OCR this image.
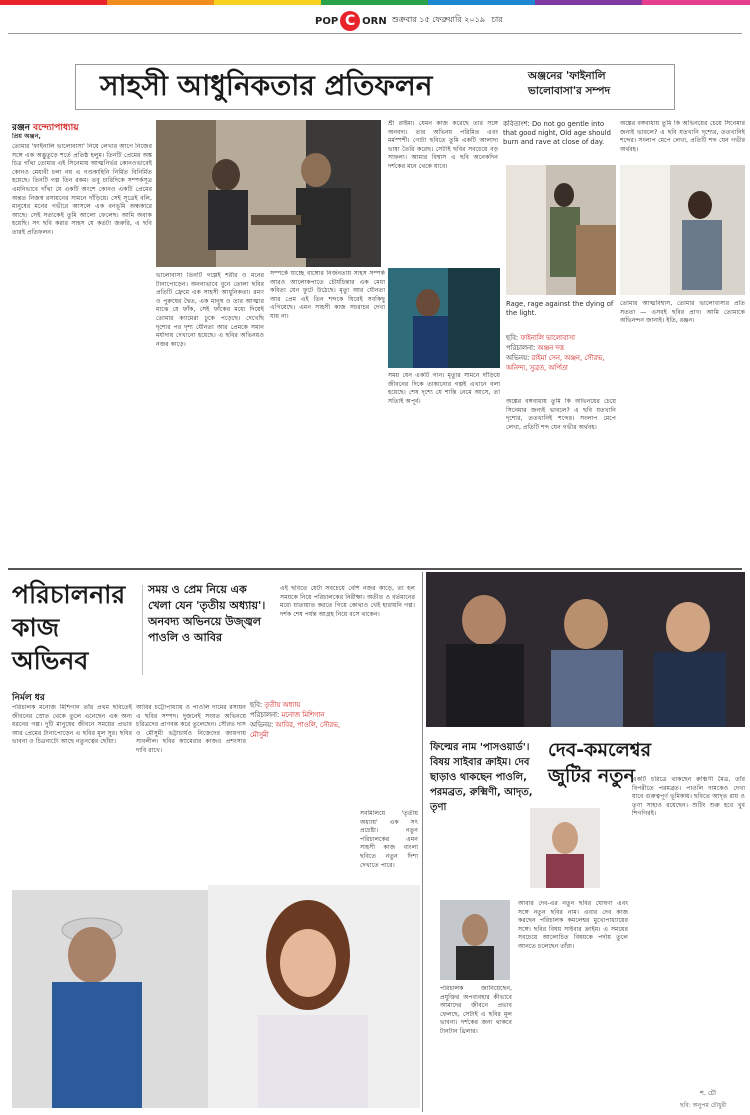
POP C ORN শুক্রবার ১৫ ফেব্রুয়ারি ২০১৯ চার
সাহসী আধুনিকতার প্রতিফলন	অঞ্জনের 'ফাইনালি
ভালোবাসা'র সম্পদ
রঞ্জন বন্দ্যোপাধ্যায়
প্রিয় অঞ্জন,
তোমার 'ফাইনালি ভালোবাসা' নিয়ে লেখার আগে নিজের সঙ্গে এক অদ্ভুতুড়ে শর্তে প্রতিষ্ঠ হলুম। তিনটি প্রেমের অঙ্ক চিত্র গাঁথা তোমার এই সিনেমায় আত্মনির্ভর কোনওভাবেই কোনও মেধাবী চলা নয় এ গণ্ডকাহিনি নির্মিত বিনির্মিত হয়েছে। তিনটি গল্প তিন রকম। তবু চারিদিকে সম্পর্কসূত্র এমনিভাবে গাঁথা যে একটি অংশে কোনও একটি প্রেমের অন্তত নিজস্ব রসায়নের সামনে দাঁড়িয়ে। সেই সূত্রেই বলি, মানুষের মনের গভীরে আসলে এক বনভূমি অন্ধকারে আছে। সেই সত্যকেই তুমি আলো ফেলেছ। আমি অবাক হয়েছি। সৎ ছবি করার সাহস যে কতটা জরুরি, এ ছবি তারই প্রতিফলন।
ভালোবাসা তিনটি গল্পেই শরীর ও মনের টানাপোড়েন। অনন্যভাবে বুনে তোলা ছবির প্রতিটি ফ্রেমে এক সাহসী আধুনিকতা। রমণ ও পুরুষের দ্বৈত, এক মানুষ ও তার আত্মার মাঝে যে ফাঁক, সেই ফাঁকের মধ্যে দিয়েই তোমার ক্যামেরা ঢুকে পড়েছে। দেখেছি দৃশ্যের পর দৃশ্য যৌনতা আর প্রেমকে সমান মর্যাদায় দেখানো হয়েছে। এ ছবির অভিনয়ও নজর কাড়ে।
সম্পর্কে যাচ্ছে বাঙ্গোর নির্জনতায় সাহস সম্পর্ক আরও আলোকপাতে চৌর্যচিন্তার এক মেধা কবিতা যেন ফুটে উঠেছে। মৃত্যু আর যৌনতা আর প্রেম এই তিন শব্দকে ঘিরেই সবকিছু এগিয়েছে। এমন সাহসী কাজ সচরাচর দেখা যায় না।
শ্রী রাইমা। যেমন কাজ করেছে তার সঙ্গে অনবদ্য। তার অভিনয় পরিমিত এবং মর্মস্পর্শী। গোটা ছবিতে তুমি একটি আলাদা ভাষা তৈরি করেছ। সেটাই ছবির সবচেয়ে বড় সাফল্য। আমার বিশ্বাস এ ছবি অনেকদিন দর্শকের মনে থেকে যাবে।
কবিতাংশ: Do not go gentle into that good night, Old age should burn and rave at close of day.
অঙ্কের বঙ্গবাধায় তুমি কি অভিনয়ের চেয়ে সিনেমার জন্যই ভাবলে? এ ছবি যতখানি দৃশ্যের, ততখানিই শব্দের। সংলাপ মেপে লেখা, প্রতিটি শব্দ যেন গভীর অর্থবহ।
Rage, rage against the dying of the light.
সময় যেন একটি গান। মৃত্যুর সামনে দাঁড়িয়ে জীবনের দিকে তাকানোর গল্পই এখানে বলা হয়েছে। শেষ দৃশ্যে যে শান্তি নেমে আসে, তা সত্যিই অপূর্ব।
ছবি: ফাইনালি ভালোবাসা
পরিচালনা: অঞ্জন দত্ত
অভিনয়: রাইমা সেন, অঞ্জন, সৌরভ, অনিন্দ্য, সুব্রত, অর্পিতা
তোমার আত্মবিশ্বাস, তোমার ভালোবাসার প্রতি সততা — এসবই ছবির প্রাণ। আমি তোমাকে অভিনন্দন জানাই। ইতি, রঞ্জন।
অঙ্কের বঙ্গবাধায় তুমি কি অভিনয়ের চেয়ে সিনেমার জন্যই ভাবলে? এ ছবি যতখানি দৃশ্যের, ততখানিই শব্দের। সংলাপ মেপে লেখা, প্রতিটি শব্দ যেন গভীর অর্থবহ।
পরিচালনার কাজ অভিনব
সময় ও প্রেম নিয়ে এক খেলা যেন 'তৃতীয় অধ্যায়'। অনবদ্য অভিনয়ে উজ্জ্বল পাওলি ও আবির
নির্মল ধর
পরিচালক মনোজ মিশিগান তাঁর প্রথম ছবিতেই জীবনের স্রোত থেকে তুলে এনেছেন এক অন্য ধরনের গল্প। দুটি মানুষের জীবনে সময়ের প্রভাব আর প্রেমের টানাপোড়েন এ ছবির মূল সুর। ছবির ভাবনা ও চিত্রনাট্যে আছে নতুনত্বের ছোঁয়া।
আবির চট্টোপাধ্যায় ও পাওলি দামের রসায়ন এ ছবির সম্পদ। দুজনেই সংযত অভিনয়ে চরিত্রদের প্রাণবন্ত করে তুলেছেন। সৌরভ দাস ও মৌসুমী ভট্টাচার্যও নিজেদের জায়গায় সাবলীল। ছবির ক্যামেরার কাজও প্রশংসার দাবি রাখে।
ছবি: তৃতীয় অধ্যায়
পরিচালনা: মনোজ মিশিগান
অভিনয়: আবির, পাওলি, সৌরভ, মৌসুমী
এই ছবিতে যেটা সবচেয়ে বেশি নজর কাড়ে, তা হল সময়কে নিয়ে পরিচালকের নিরীক্ষা। অতীত ও বর্তমানের মধ্যে যাতায়াত করতে গিয়ে কোথাও খেই হারায়নি গল্প। দর্শক শেষ পর্যন্ত আগ্রহ নিয়ে বসে থাকেন।
সবমিলিয়ে 'তৃতীয় অধ্যায়' এক সৎ প্রচেষ্টা। নতুন পরিচালকের এমন সাহসী কাজ বাংলা ছবিতে নতুন দিশা দেখাতে পারে।
ফিল্মের নাম 'পাসওয়ার্ড'। বিষয় সাইবার ক্রাইম। দেব ছাড়াও থাকছেন পাওলি, পরমব্রত, রুক্মিণী, আদৃত, তৃণা
দেব-কমলেশ্বর
জুটির নতুন
আবার দেব-এর নতুন ছবির ঘোষণা এবং সঙ্গে নতুন ছবির নাম। এবার দেব কাজ করছেন পরিচালক কমলেশ্বর মুখোপাধ্যায়ের সঙ্গে। ছবির বিষয় সাইবার ক্রাইম। এ সময়ের সবচেয়ে আলোচিত বিষয়কে পর্দায় তুলে আনতে চলেছেন তাঁরা।
একটি চরিত্রে থাকছেন রুক্মিণী মৈত্র, তাঁর বিপরীতে পরমব্রত। পাওলি দামকেও দেখা যাবে গুরুত্বপূর্ণ ভূমিকায়। ছবিতে আদৃত রায় ও তৃণা সাহাও রয়েছেন। শুটিং শুরু হবে খুব শিগগিরই।
পরিচালক জানিয়েছেন, প্রযুক্তির অপব্যবহার কীভাবে আমাদের জীবনে প্রভাব ফেলছে, সেটাই এ ছবির মূল ভাবনা। দর্শকের জন্য থাকবে টানটান থ্রিলার।
শ. চৌ
ছবি: অনুপম চৌধুরী
